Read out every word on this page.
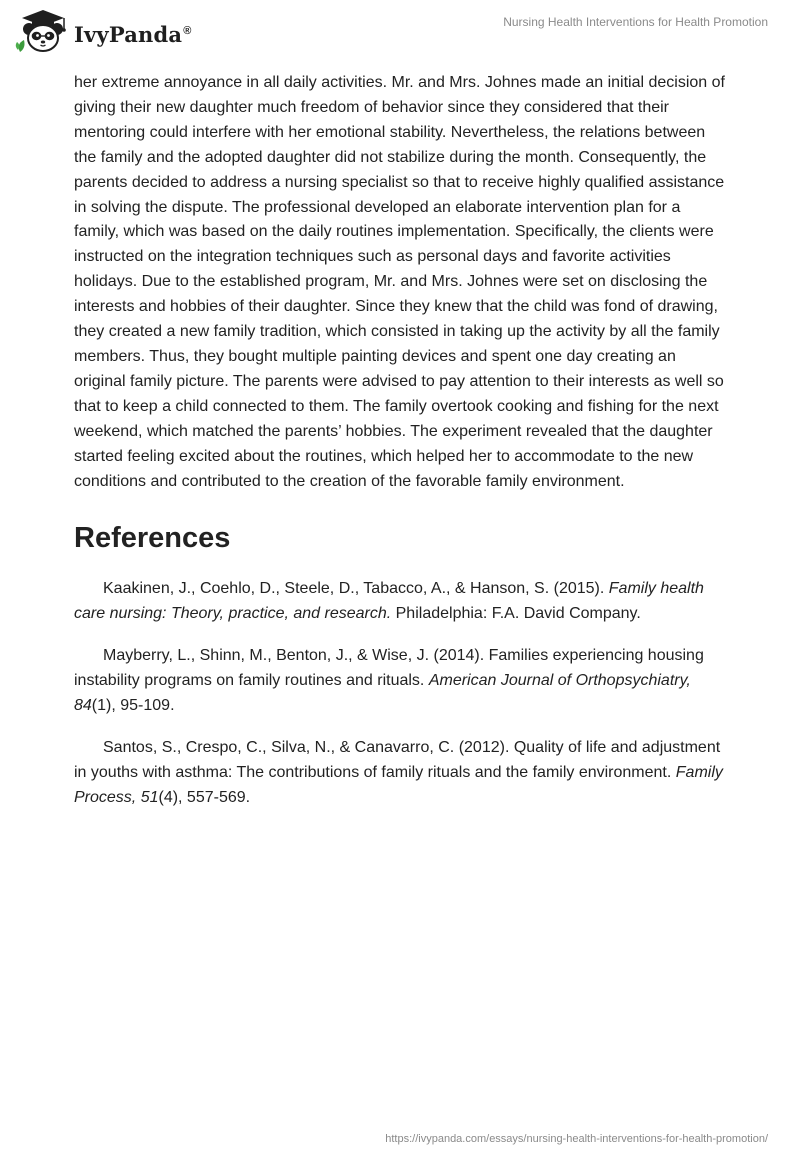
IvyPanda®
Nursing Health Interventions for Health Promotion

her extreme annoyance in all daily activities. Mr. and Mrs. Johnes made an initial decision of giving their new daughter much freedom of behavior since they considered that their mentoring could interfere with her emotional stability. Nevertheless, the relations between the family and the adopted daughter did not stabilize during the month. Consequently, the parents decided to address a nursing specialist so that to receive highly qualified assistance in solving the dispute. The professional developed an elaborate intervention plan for a family, which was based on the daily routines implementation. Specifically, the clients were instructed on the integration techniques such as personal days and favorite activities holidays. Due to the established program, Mr. and Mrs. Johnes were set on disclosing the interests and hobbies of their daughter. Since they knew that the child was fond of drawing, they created a new family tradition, which consisted in taking up the activity by all the family members. Thus, they bought multiple painting devices and spent one day creating an original family picture. The parents were advised to pay attention to their interests as well so that to keep a child connected to them. The family overtook cooking and fishing for the next weekend, which matched the parents’ hobbies. The experiment revealed that the daughter started feeling excited about the routines, which helped her to accommodate to the new conditions and contributed to the creation of the favorable family environment.

References

Kaakinen, J., Coehlo, D., Steele, D., Tabacco, A., & Hanson, S. (2015). Family health care nursing: Theory, practice, and research. Philadelphia: F.A. David Company.

Mayberry, L., Shinn, M., Benton, J., & Wise, J. (2014). Families experiencing housing instability programs on family routines and rituals. American Journal of Orthopsychiatry, 84(1), 95-109.

Santos, S., Crespo, C., Silva, N., & Canavarro, C. (2012). Quality of life and adjustment in youths with asthma: The contributions of family rituals and the family environment. Family Process, 51(4), 557-569.

https://ivypanda.com/essays/nursing-health-interventions-for-health-promotion/
